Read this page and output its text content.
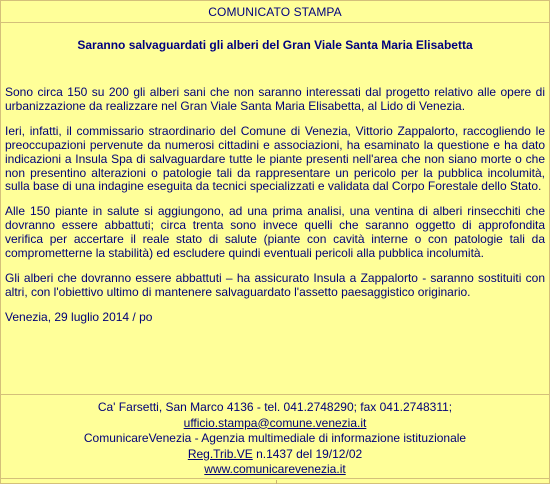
COMUNICATO STAMPA
Saranno salvaguardati gli alberi del Gran Viale Santa Maria Elisabetta

Sono circa 150 su 200 gli alberi sani che non saranno interessati dal progetto relativo alle opere di urbanizzazione da realizzare nel Gran Viale Santa Maria Elisabetta, al Lido di Venezia.

Ieri, infatti, il commissario straordinario del Comune di Venezia, Vittorio Zappalorto, raccogliendo le preoccupazioni pervenute da numerosi cittadini e associazioni, ha esaminato la questione e ha dato indicazioni a Insula Spa di salvaguardare tutte le piante presenti nell'area che non siano morte o che non presentino alterazioni o patologie tali da rappresentare un pericolo per la pubblica incolumità, sulla base di una indagine eseguita da tecnici specializzati e validata dal Corpo Forestale dello Stato.

Alle 150 piante in salute si aggiungono, ad una prima analisi, una ventina di alberi rinsecchiti che dovranno essere abbattuti; circa trenta sono invece quelli che saranno oggetto di approfondita verifica per accertare il reale stato di salute (piante con cavità interne o con patologie tali da comprometterne la stabilità) ed escludere quindi eventuali pericoli alla pubblica incolumità.

Gli alberi che dovranno essere abbattuti – ha assicurato Insula a Zappalorto - saranno sostituiti con altri, con l'obiettivo ultimo di mantenere salvaguardato l'assetto paesaggistico originario.

Venezia, 29 luglio 2014 / po

Ca' Farsetti, San Marco 4136 - tel. 041.2748290; fax 041.2748311;
ufficio.stampa@comune.venezia.it
ComunicareVenezia - Agenzia multimediale di informazione istituzionale
Reg.Trib.VE n.1437 del 19/12/02
www.comunicarevenezia.it
